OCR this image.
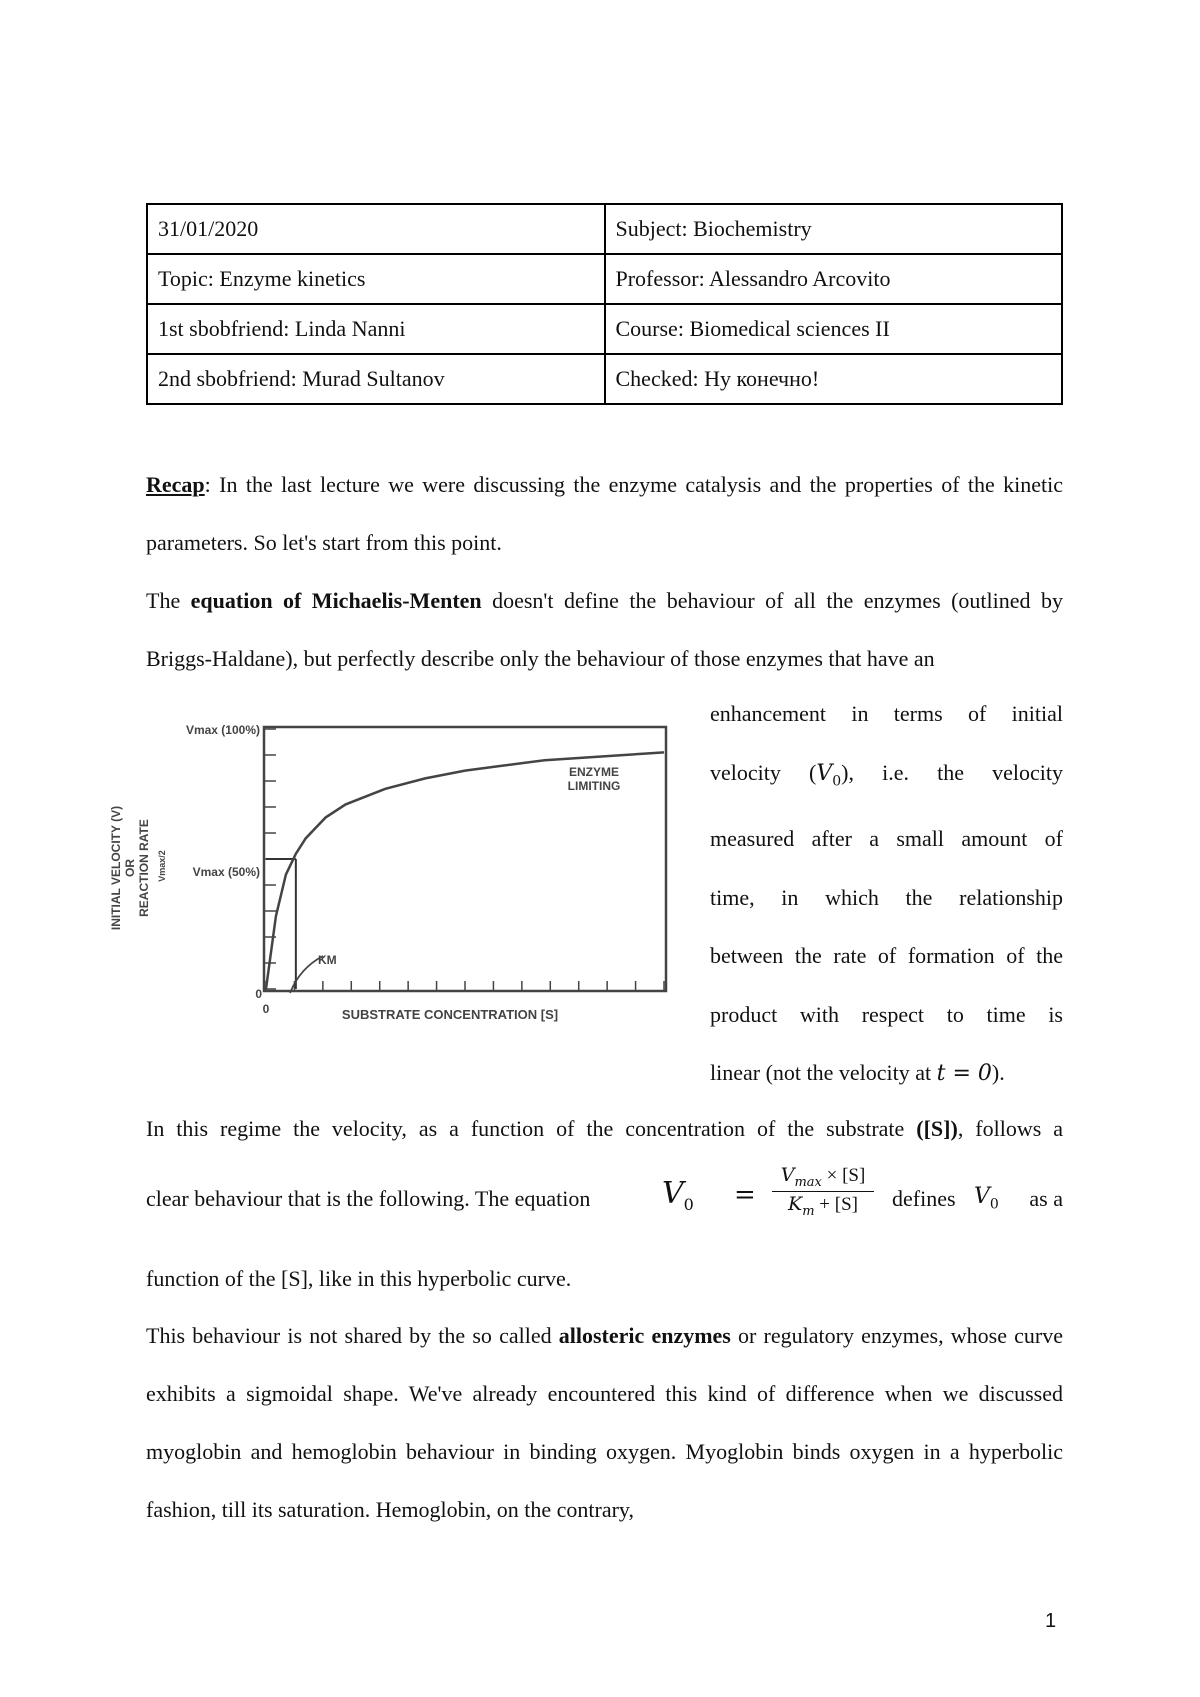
31/01/2020	Subject: Biochemistry
Topic: Enzyme kinetics	Professor: Alessandro Arcovito
1st sbobfriend: Linda Nanni	Course: Biomedical sciences II
2nd sbobfriend: Murad Sultanov	Checked: Ну конечно!

Recap: In the last lecture we were discussing the enzyme catalysis and the properties of the kinetic parameters. So let's start from this point.

The equation of Michaelis-Menten doesn't define the behaviour of all the enzymes (outlined by Briggs-Haldane), but perfectly describe only the behaviour of those enzymes that have an

Vmax (100%)
Vmax (50%)
0
0	SUBSTRATE CONCENTRATION [S]
ENZYME
LIMITING
KM
INITIAL VELOCITY (V) OR REACTION RATE Vmax/2
enhancement in terms of initial
velocity $(V_0)$, i.e. the velocity
measured after a small amount of
time, in which the relationship
between the rate of formation of the
product with respect to time is
linear (not the velocity at t = 0).

In this regime the velocity, as a function of the concentration of the substrate ([S]), follows a

clear behaviour that is the following. The equation $V_0$ =
$V_{max} \times [S]$
$K_m + [S]$	defines $V_0$	as a

function of the [S], like in this hyperbolic curve.

This behaviour is not shared by the so called allosteric enzymes or regulatory enzymes, whose curve exhibits a sigmoidal shape. We've already encountered this kind of difference when we discussed myoglobin and hemoglobin behaviour in binding oxygen. Myoglobin binds oxygen in a hyperbolic fashion, till its saturation. Hemoglobin, on the contrary,

1
